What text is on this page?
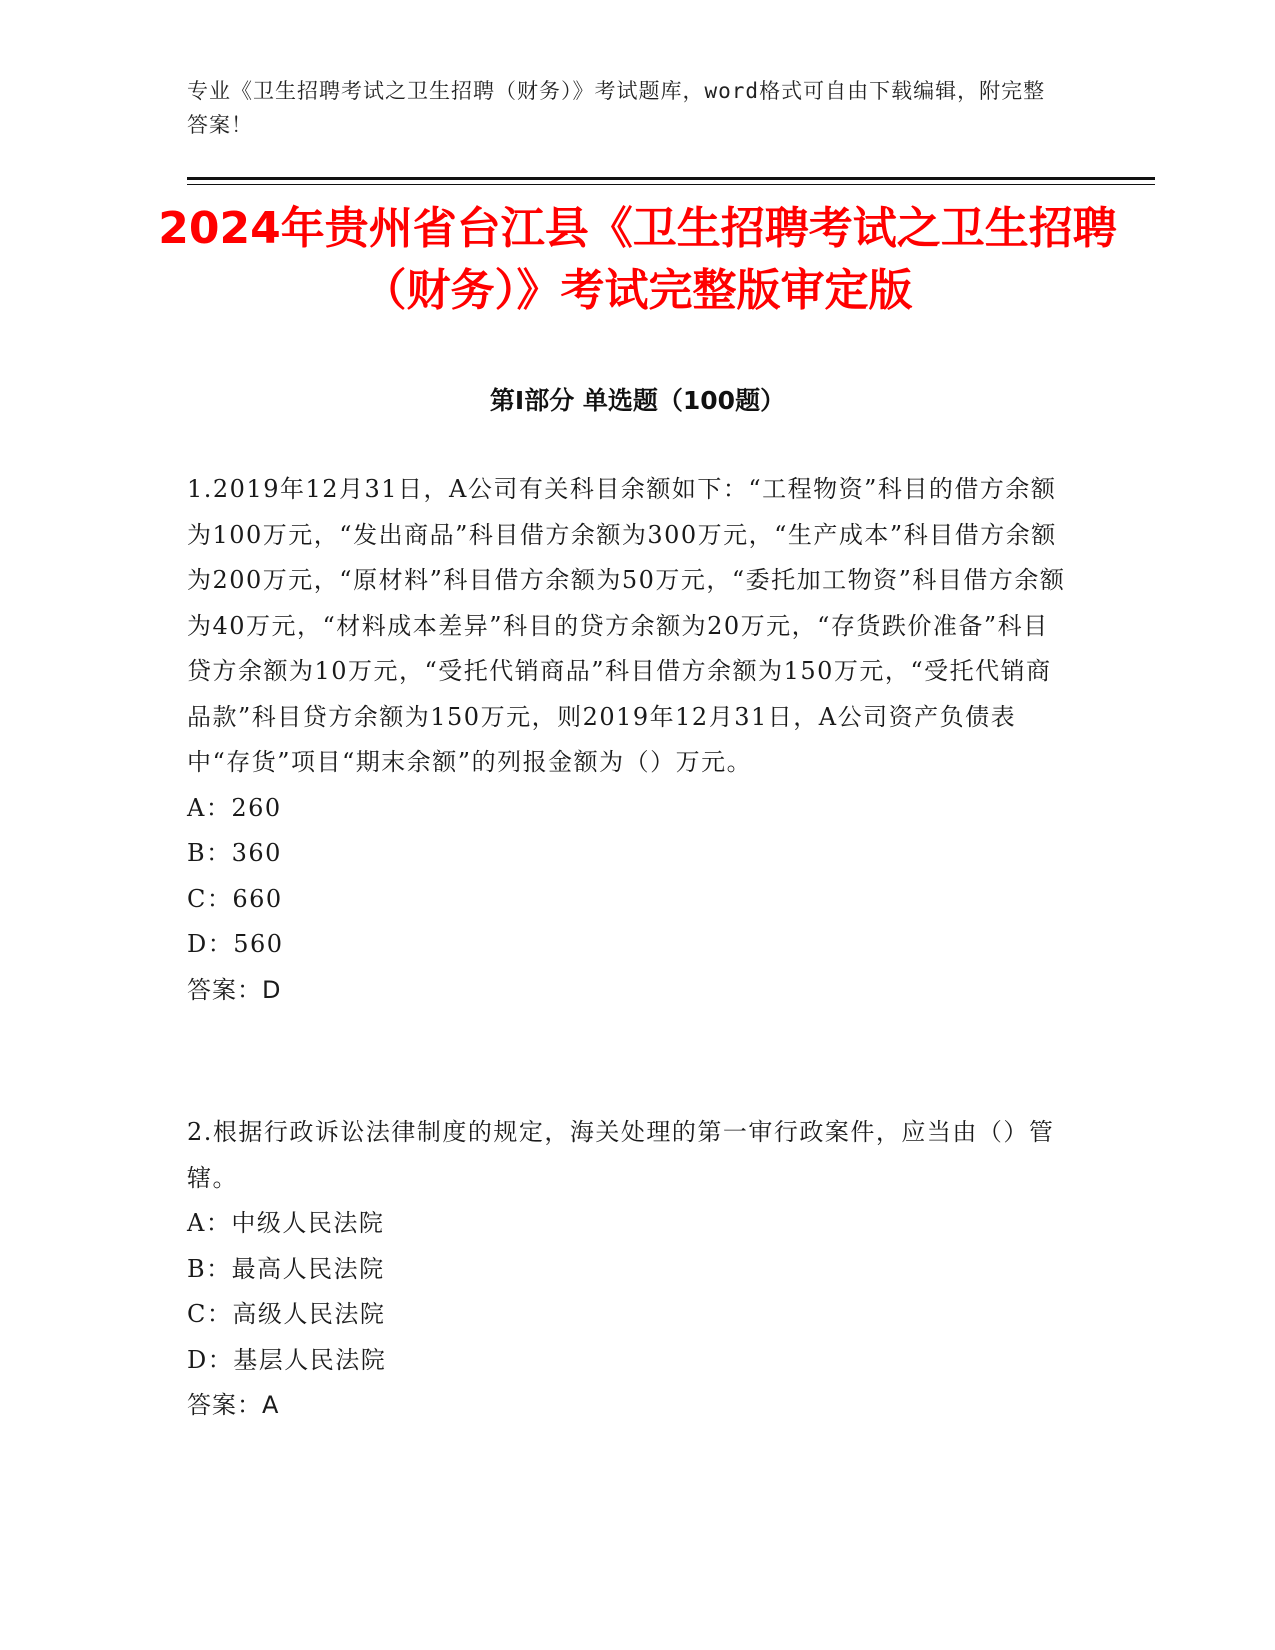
专业《卫生招聘考试之卫生招聘（财务）》考试题库，word格式可自由下载编辑，附完整答案！
2024年贵州省台江县《卫生招聘考试之卫生招聘（财务）》考试完整版审定版
第Ⅰ部分 单选题（100题）
1.2019年12月31日，A公司有关科目余额如下：“工程物资”科目的借方余额为100万元，“发出商品”科目借方余额为300万元，“生产成本”科目借方余额为200万元，“原材料”科目借方余额为50万元，“委托加工物资”科目借方余额为40万元，“材料成本差异”科目的贷方余额为20万元，“存货跌价准备”科目贷方余额为10万元，“受托代销商品”科目借方余额为150万元，“受托代销商品款”科目贷方余额为150万元，则2019年12月31日，A公司资产负债表中“存货”项目“期末余额”的列报金额为（）万元。
A：260
B：360
C：660
D：560
答案：D
2.根据行政诉讼法律制度的规定，海关处理的第一审行政案件，应当由（）管辖。
A：中级人民法院
B：最高人民法院
C：高级人民法院
D：基层人民法院
答案：A
